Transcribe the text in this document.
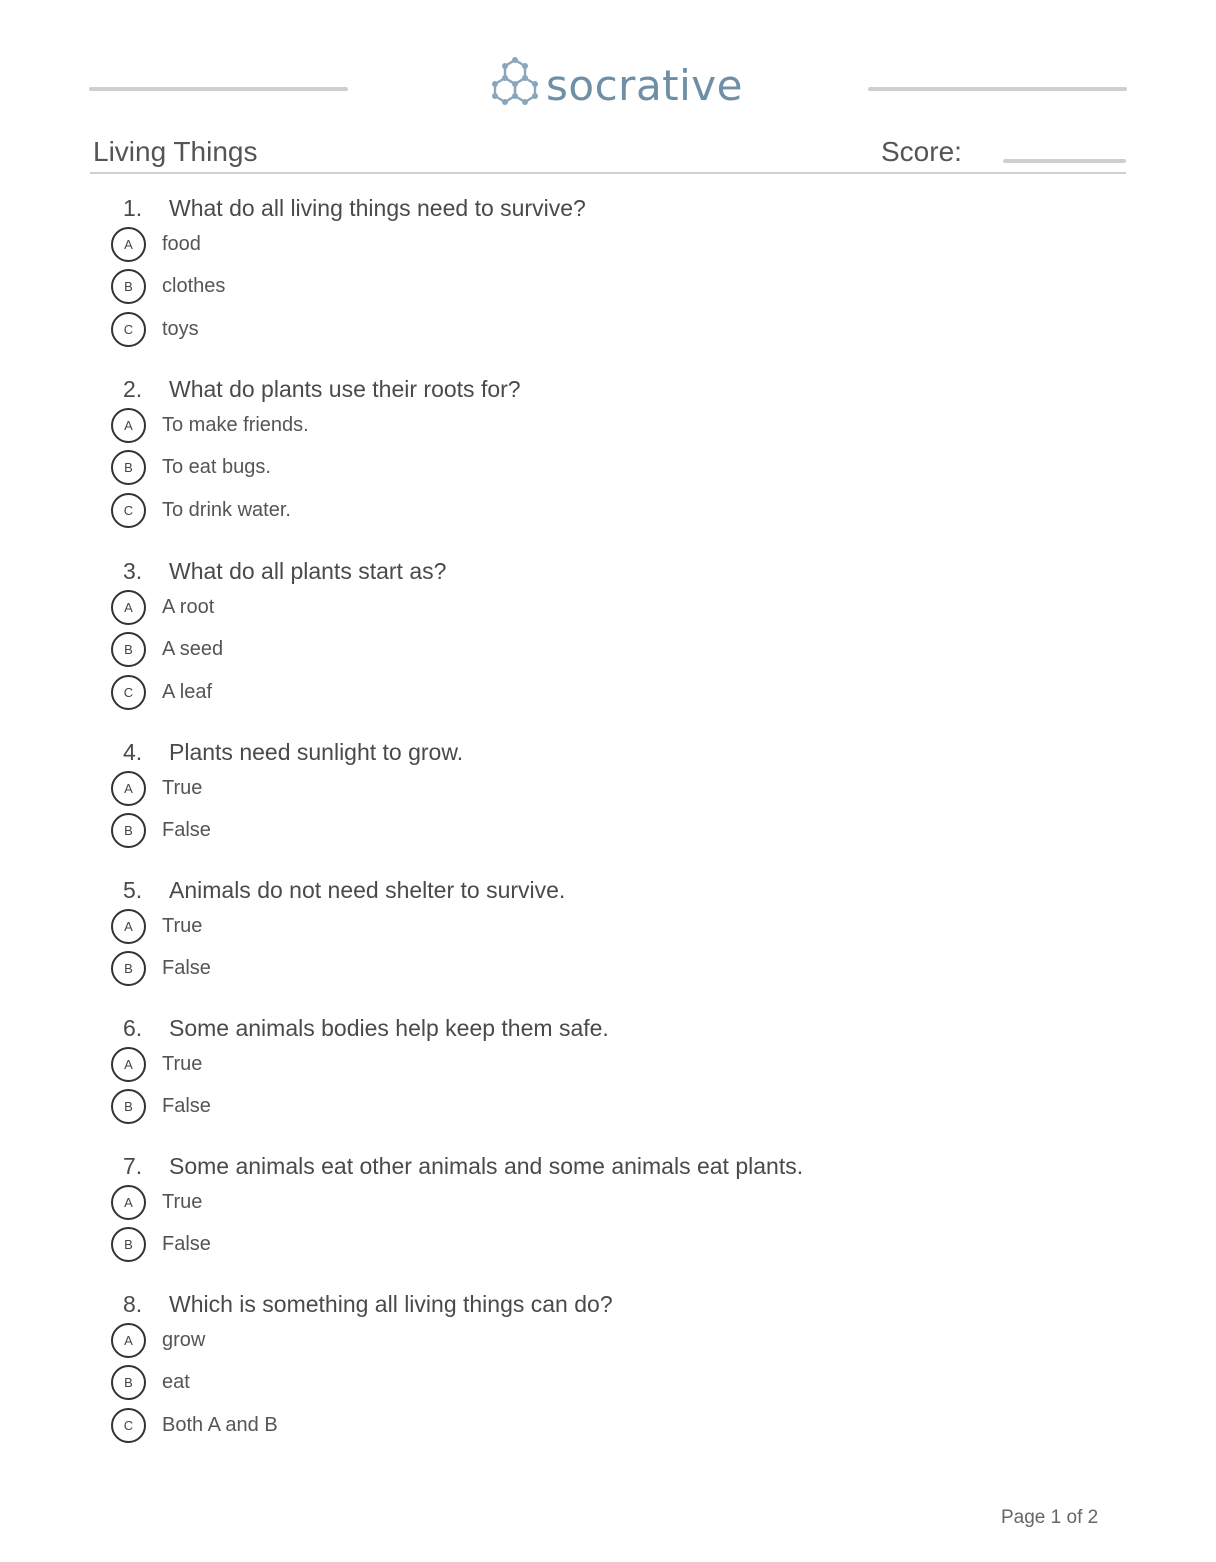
socrative
Living Things	Score:
1. What do all living things need to survive?
A	food
B	clothes
C	toys
2. What do plants use their roots for?
A	To make friends.
B	To eat bugs.
C	To drink water.
3. What do all plants start as?
A	A root
B	A seed
C	A leaf
4. Plants need sunlight to grow.
A	True
B	False
5. Animals do not need shelter to survive.
A	True
B	False
6. Some animals bodies help keep them safe.
A	True
B	False
7. Some animals eat other animals and some animals eat plants.
A	True
B	False
8. Which is something all living things can do?
A	grow
B	eat
C	Both A and B
Page 1 of 2
